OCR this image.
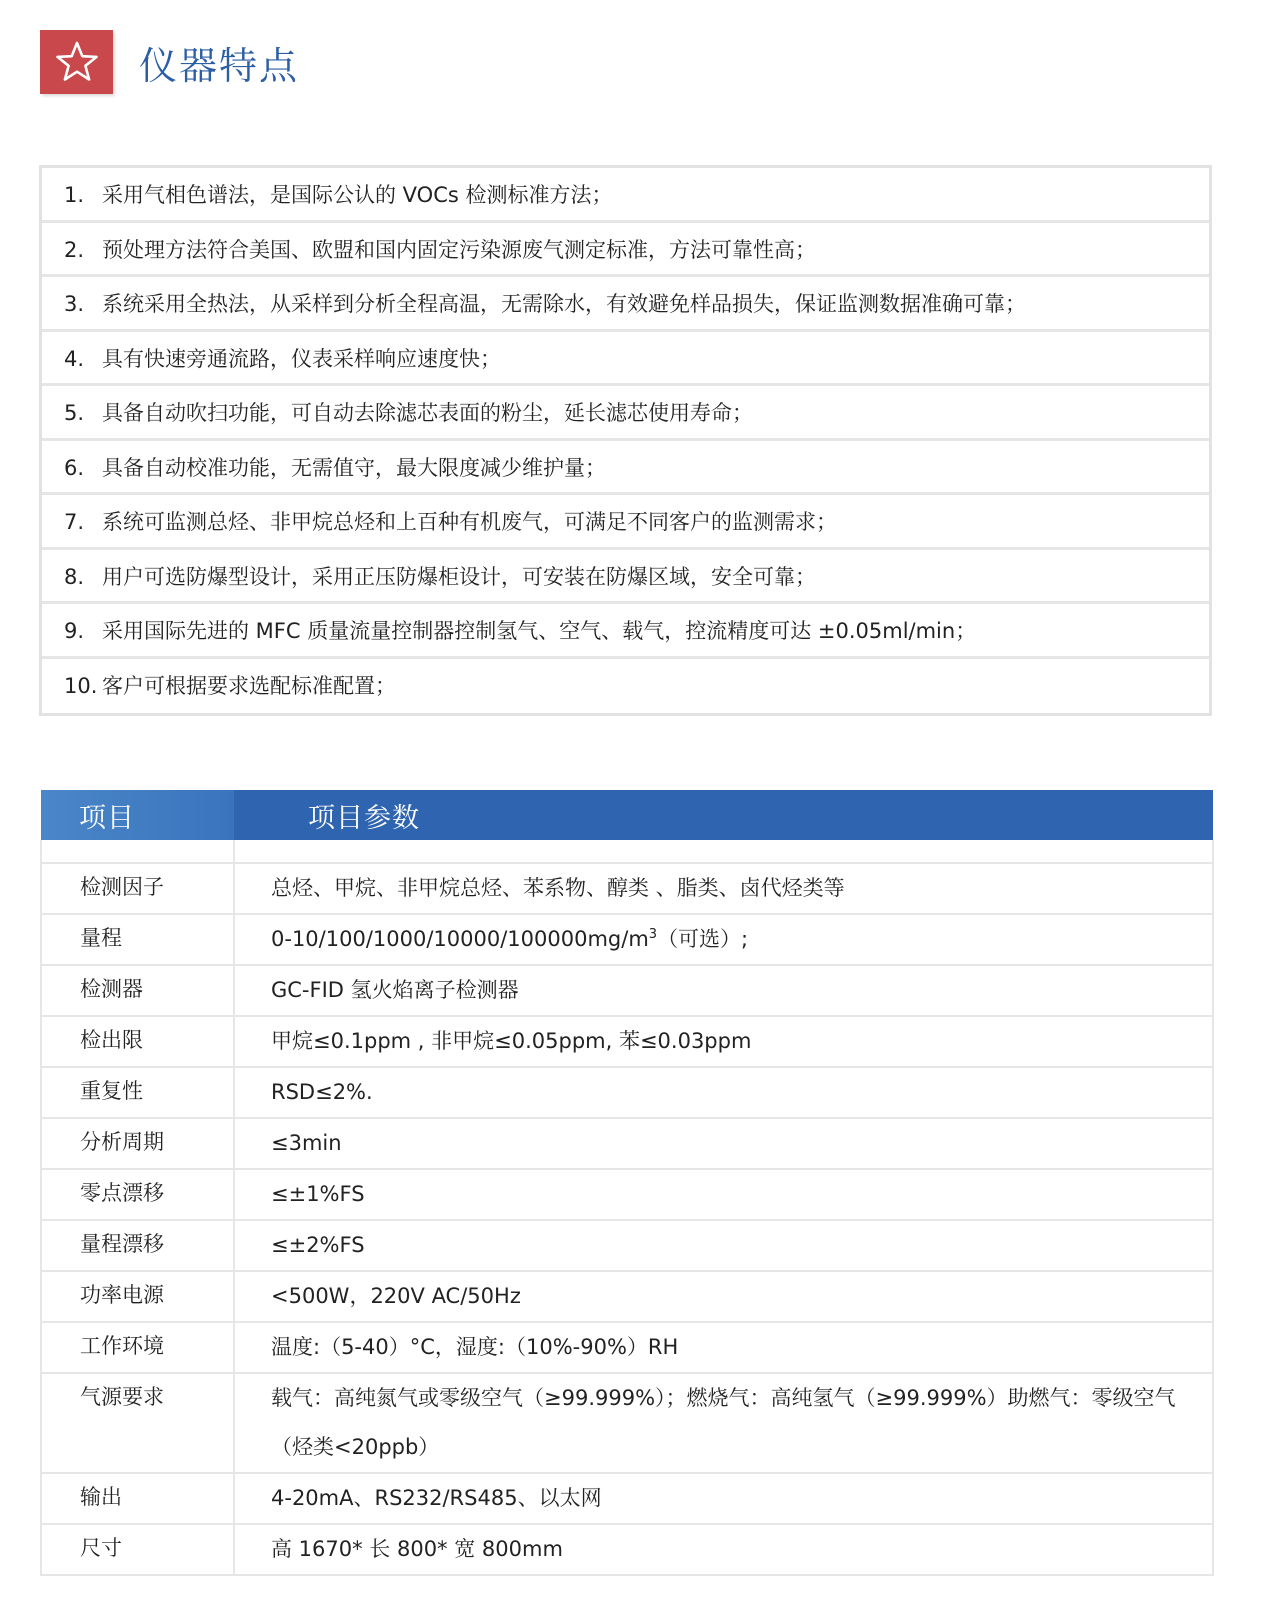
仪器特点
1. 采用气相色谱法，是国际公认的 VOCs 检测标准方法；
2. 预处理方法符合美国、欧盟和国内固定污染源废气测定标准，方法可靠性高；
3. 系统采用全热法，从采样到分析全程高温，无需除水，有效避免样品损失，保证监测数据准确可靠；
4. 具有快速旁通流路，仪表采样响应速度快；
5. 具备自动吹扫功能，可自动去除滤芯表面的粉尘，延长滤芯使用寿命；
6. 具备自动校准功能，无需值守，最大限度减少维护量；
7. 系统可监测总烃、非甲烷总烃和上百种有机废气，可满足不同客户的监测需求；
8. 用户可选防爆型设计，采用正压防爆柜设计，可安装在防爆区域，安全可靠；
9. 采用国际先进的 MFC 质量流量控制器控制氢气、空气、载气，控流精度可达 ±0.05ml/min；
10. 客户可根据要求选配标准配置；
项目	项目参数

检测因子	总烃、甲烷、非甲烷总烃、苯系物、醇类 、脂类、卤代烃类等
量程	$0-10/100/1000/10000/100000mg/m^3$（可选）;
检测器	GC-FID 氢火焰离子检测器
检出限	甲烷≤0.1ppm , 非甲烷≤0.05ppm, 苯≤0.03ppm
重复性	RSD≤2%.
分析周期	≤3min
零点漂移	≤±1%FS
量程漂移	≤±2%FS
功率电源	<500W，220V AC/50Hz
工作环境	温度:（5-40）°C，湿度:（10%-90%）RH
气源要求	载气：高纯氮气或零级空气（≥99.999%）；燃烧气：高纯氢气（≥99.999%）助燃气：零级空气（烃类<20ppb）
输出	4-20mA、RS232/RS485、以太网
尺寸	高 1670* 长 800* 宽 800mm
